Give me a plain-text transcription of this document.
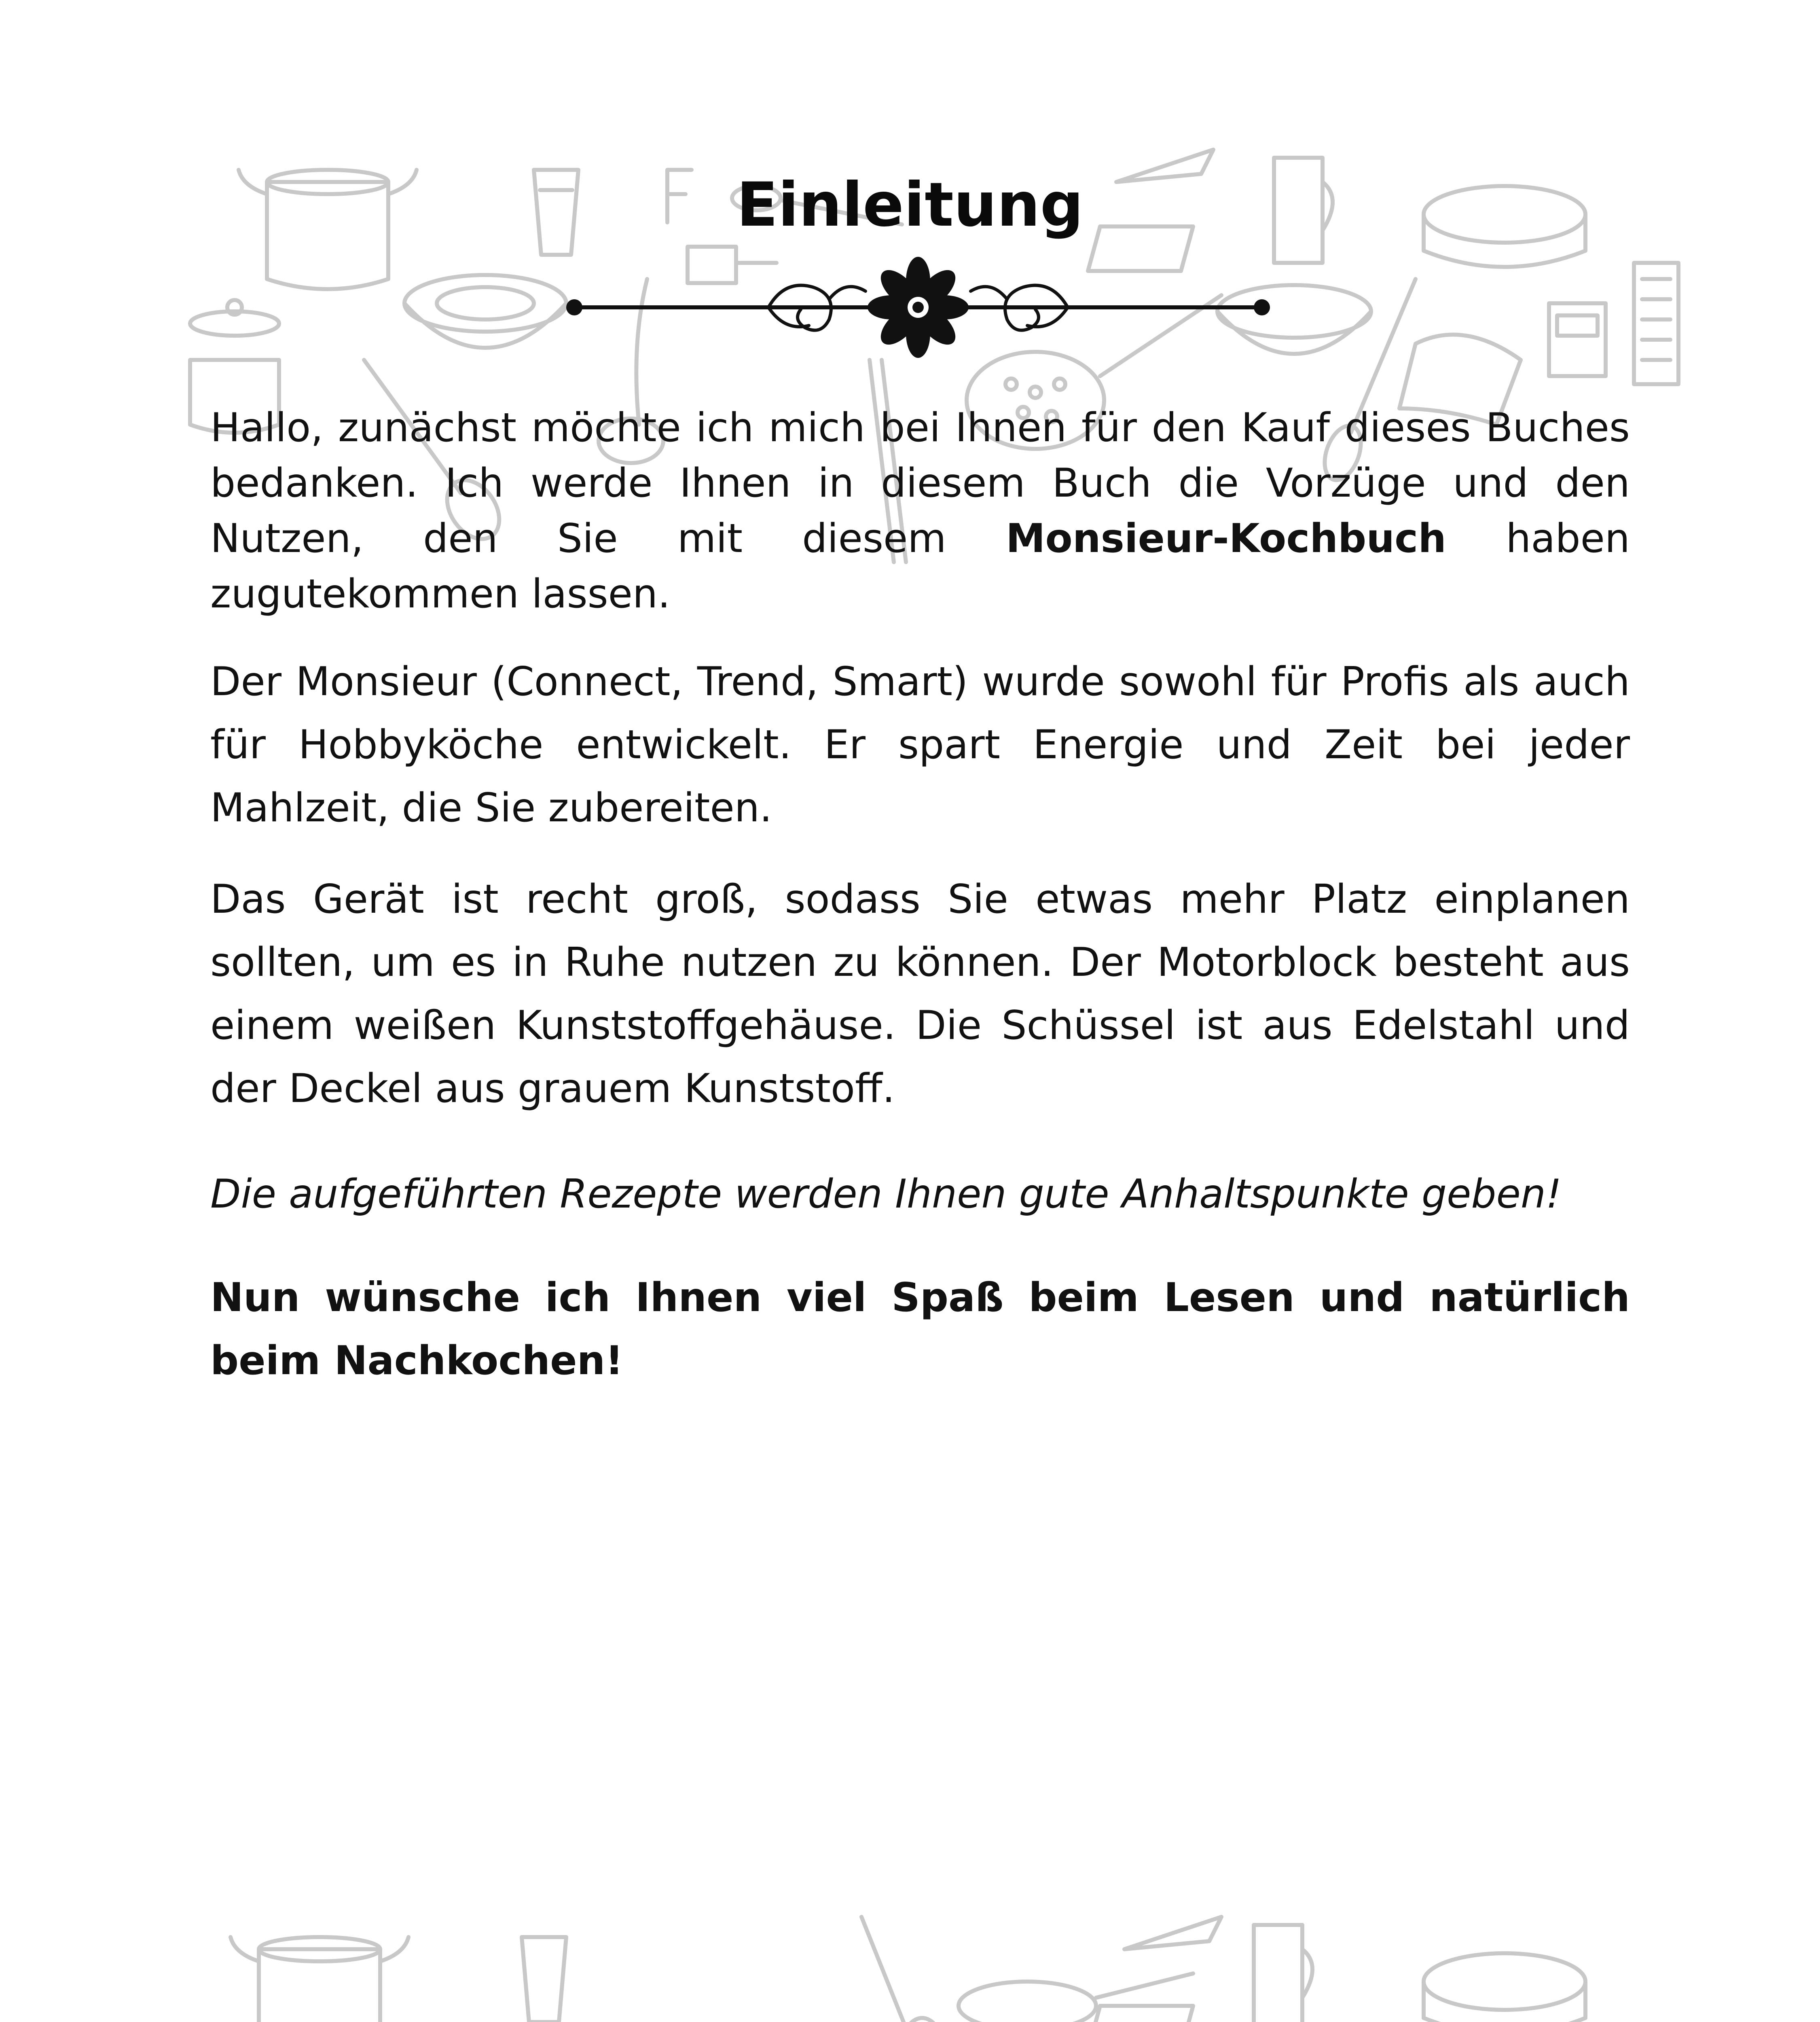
Einleitung

Hallo, zunächst möchte ich mich bei Ihnen für den Kauf dieses Buches bedanken. Ich werde Ihnen in diesem Buch die Vorzüge und den Nutzen, den Sie mit diesem Monsieur-Kochbuch haben zugutekommen lassen.

Der Monsieur (Connect, Trend, Smart) wurde sowohl für Profis als auch für Hobbyköche entwickelt. Er spart Energie und Zeit bei jeder Mahlzeit, die Sie zubereiten.

Das Gerät ist recht groß, sodass Sie etwas mehr Platz einplanen sollten, um es in Ruhe nutzen zu können. Der Motorblock besteht aus einem weißen Kunststoffgehäuse. Die Schüssel ist aus Edelstahl und der Deckel aus grauem Kunststoff.

Die aufgeführten Rezepte werden Ihnen gute Anhaltspunkte geben!

Nun wünsche ich Ihnen viel Spaß beim Lesen und natürlich beim Nachkochen!
